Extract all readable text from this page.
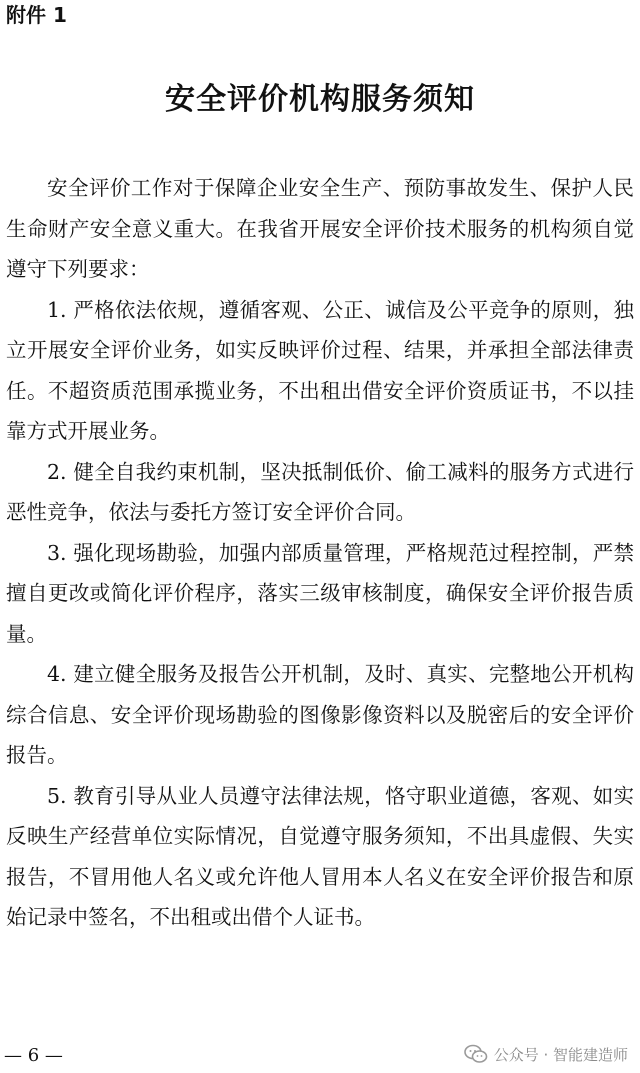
附件 1
安全评价机构服务须知

安全评价工作对于保障企业安全生产、预防事故发生、保护人民生命财产安全意义重大。在我省开展安全评价技术服务的机构须自觉遵守下列要求：

1. 严格依法依规，遵循客观、公正、诚信及公平竞争的原则，独立开展安全评价业务，如实反映评价过程、结果，并承担全部法律责任。不超资质范围承揽业务，不出租出借安全评价资质证书，不以挂靠方式开展业务。

2. 健全自我约束机制，坚决抵制低价、偷工减料的服务方式进行恶性竞争，依法与委托方签订安全评价合同。

3. 强化现场勘验，加强内部质量管理，严格规范过程控制，严禁擅自更改或简化评价程序，落实三级审核制度，确保安全评价报告质量。

4. 建立健全服务及报告公开机制，及时、真实、完整地公开机构综合信息、安全评价现场勘验的图像影像资料以及脱密后的安全评价报告。

5. 教育引导从业人员遵守法律法规，恪守职业道德，客观、如实反映生产经营单位实际情况，自觉遵守服务须知，不出具虚假、失实报告，不冒用他人名义或允许他人冒用本人名义在安全评价报告和原始记录中签名，不出租或出借个人证书。

— 6 —	公众号 · 智能建造师
